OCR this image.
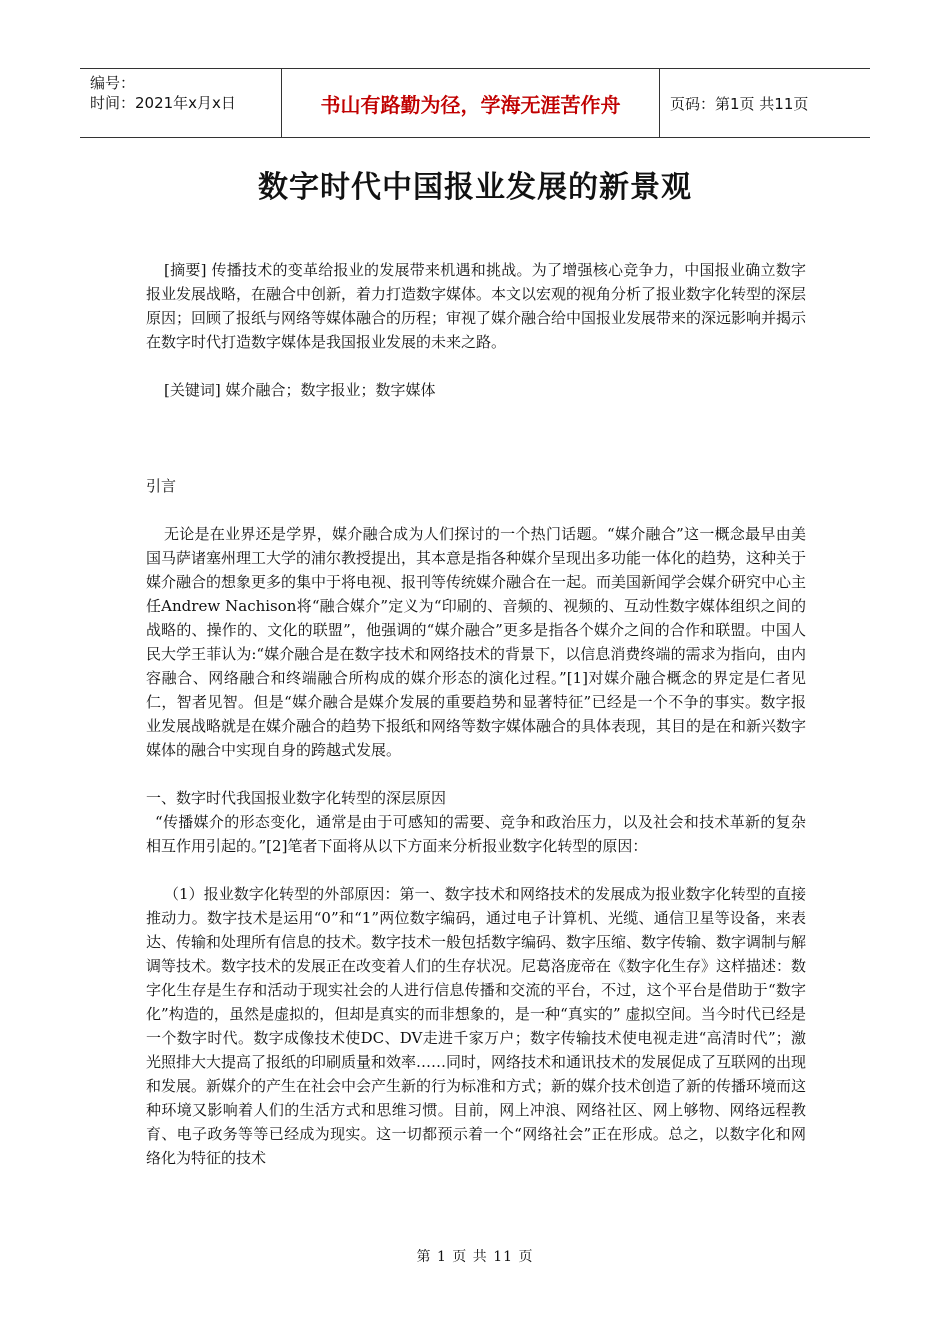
编号：
时间：2021年x月x日	书山有路勤为径，学海无涯苦作舟	页码：第1页 共11页
数字时代中国报业发展的新景观

[摘要] 传播技术的变革给报业的发展带来机遇和挑战。为了增强核心竞争力，中国报业确立数字报业发展战略，在融合中创新，着力打造数字媒体。本文以宏观的视角分析了报业数字化转型的深层原因；回顾了报纸与网络等媒体融合的历程；审视了媒介融合给中国报业发展带来的深远影响并揭示在数字时代打造数字媒体是我国报业发展的未来之路。

[关键词] 媒介融合；数字报业；数字媒体

引言

无论是在业界还是学界，媒介融合成为人们探讨的一个热门话题。“媒介融合”这一概念最早由美国马萨诸塞州理工大学的浦尔教授提出，其本意是指各种媒介呈现出多功能一体化的趋势，这种关于媒介融合的想象更多的集中于将电视、报刊等传统媒介融合在一起。而美国新闻学会媒介研究中心主任Andrew Nachison将“融合媒介”定义为“印刷的、音频的、视频的、互动性数字媒体组织之间的战略的、操作的、文化的联盟”，他强调的“媒介融合”更多是指各个媒介之间的合作和联盟。中国人民大学王菲认为:“媒介融合是在数字技术和网络技术的背景下，以信息消费终端的需求为指向，由内容融合、网络融合和终端融合所构成的媒介形态的演化过程。”[1]对媒介融合概念的界定是仁者见仁，智者见智。但是“媒介融合是媒介发展的重要趋势和显著特征”已经是一个不争的事实。数字报业发展战略就是在媒介融合的趋势下报纸和网络等数字媒体融合的具体表现，其目的是在和新兴数字媒体的融合中实现自身的跨越式发展。

一、数字时代我国报业数字化转型的深层原因

“传播媒介的形态变化，通常是由于可感知的需要、竞争和政治压力，以及社会和技术革新的复杂相互作用引起的。”[2]笔者下面将从以下方面来分析报业数字化转型的原因：

（1）报业数字化转型的外部原因：第一、数字技术和网络技术的发展成为报业数字化转型的直接推动力。数字技术是运用“0”和“1”两位数字编码，通过电子计算机、光缆、通信卫星等设备，来表达、传输和处理所有信息的技术。数字技术一般包括数字编码、数字压缩、数字传输、数字调制与解调等技术。数字技术的发展正在改变着人们的生存状况。尼葛洛庞帝在《数字化生存》这样描述：数字化生存是生存和活动于现实社会的人进行信息传播和交流的平台，不过，这个平台是借助于“数字化”构造的，虽然是虚拟的，但却是真实的而非想象的，是一种“真实的” 虚拟空间。当今时代已经是一个数字时代。数字成像技术使DC、DV走进千家万户；数字传输技术使电视走进“高清时代”；激光照排大大提高了报纸的印刷质量和效率……同时，网络技术和通讯技术的发展促成了互联网的出现和发展。新媒介的产生在社会中会产生新的行为标准和方式；新的媒介技术创造了新的传播环境而这种环境又影响着人们的生活方式和思维习惯。目前，网上冲浪、网络社区、网上够物、网络远程教育、电子政务等等已经成为现实。这一切都预示着一个“网络社会”正在形成。总之，以数字化和网络化为特征的技术

第 1 页 共 11 页
